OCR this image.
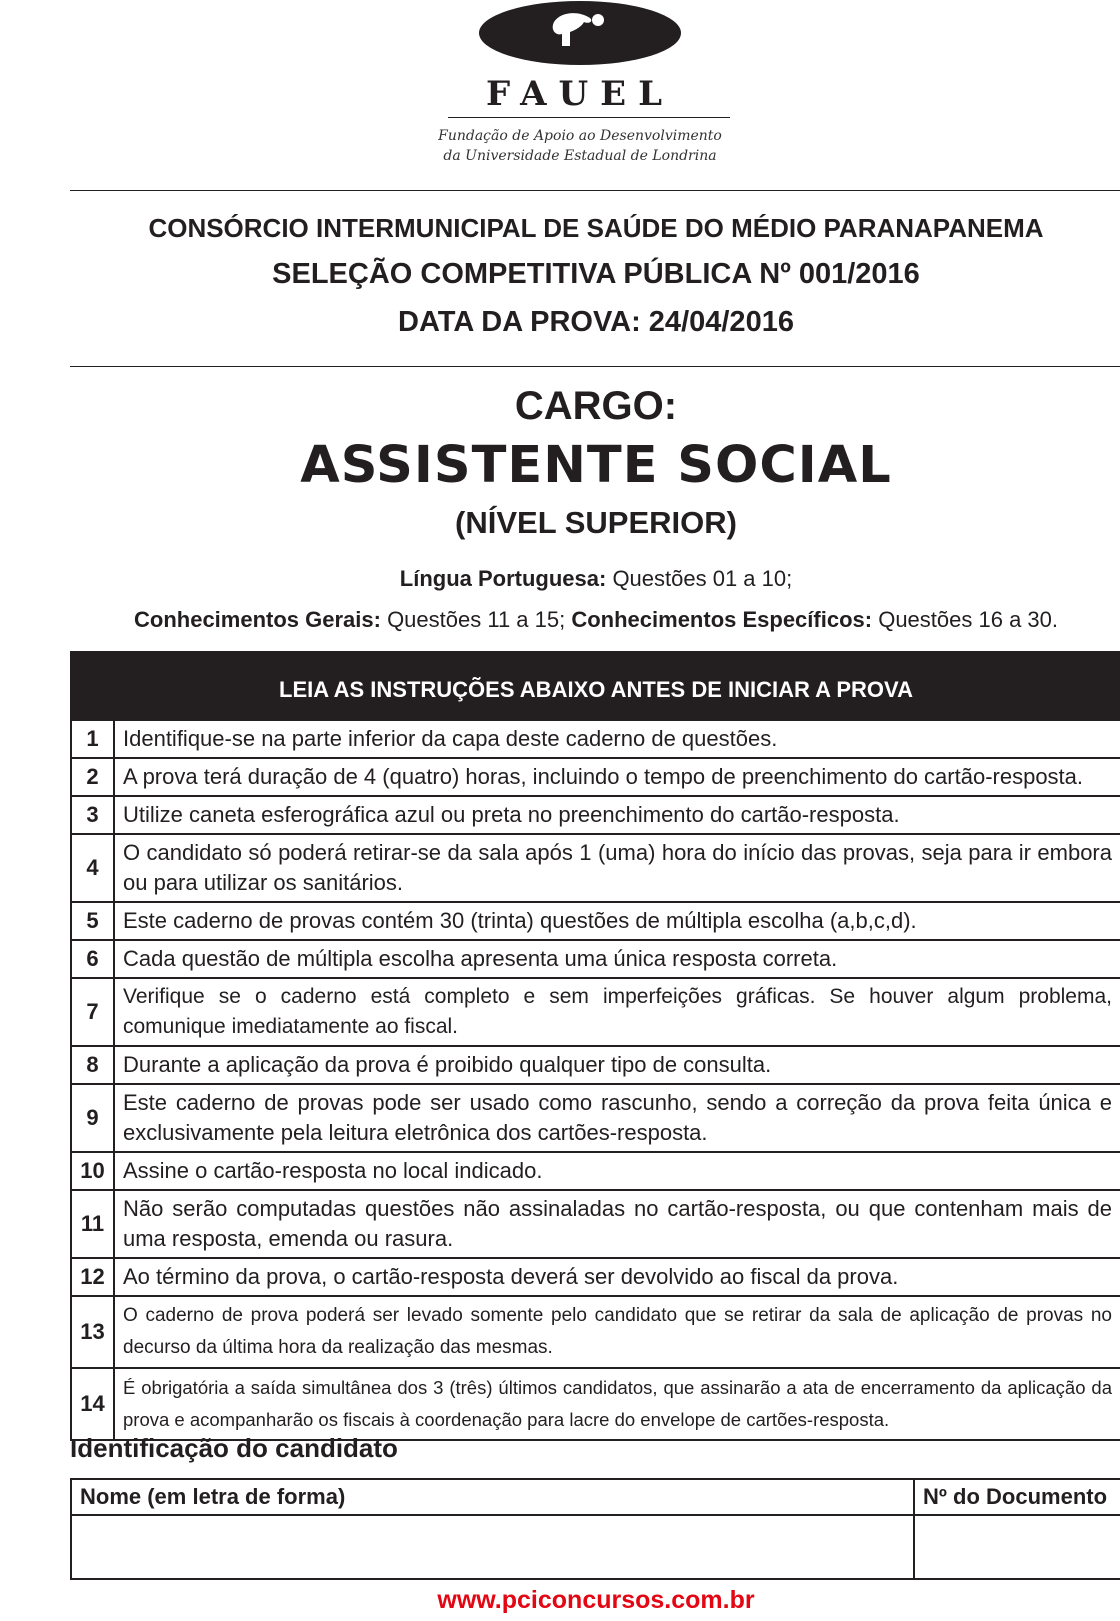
FAUEL
Fundação de Apoio ao Desenvolvimento
da Universidade Estadual de Londrina
CONSÓRCIO INTERMUNICIPAL DE SAÚDE DO MÉDIO PARANAPANEMA
SELEÇÃO COMPETITIVA PÚBLICA Nº 001/2016
DATA DA PROVA: 24/04/2016
CARGO:
ASSISTENTE SOCIAL
(NÍVEL SUPERIOR)
Língua Portuguesa: Questões 01 a 10;
Conhecimentos Gerais: Questões 11 a 15; Conhecimentos Específicos: Questões 16 a 30.
LEIA AS INSTRUÇÕES ABAIXO ANTES DE INICIAR A PROVA	
1	Identifique-se na parte inferior da capa deste caderno de questões.
2	A prova terá duração de 4 (quatro) horas, incluindo o tempo de preenchimento do cartão-resposta.
3	Utilize caneta esferográfica azul ou preta no preenchimento do cartão-resposta.
4	O candidato só poderá retirar-se da sala após 1 (uma) hora do início das provas, seja para ir embora ou para utilizar os sanitários.
5	Este caderno de provas contém 30 (trinta) questões de múltipla escolha (a,b,c,d).
6	Cada questão de múltipla escolha apresenta uma única resposta correta.
7	Verifique se o caderno está completo e sem imperfeições gráficas. Se houver algum problema, comunique imediatamente ao fiscal.
8	Durante a aplicação da prova é proibido qualquer tipo de consulta.
9	Este caderno de provas pode ser usado como rascunho, sendo a correção da prova feita única e exclusivamente pela leitura eletrônica dos cartões-resposta.
10	Assine o cartão-resposta no local indicado.
11	Não serão computadas questões não assinaladas no cartão-resposta, ou que contenham mais de uma resposta, emenda ou rasura.
12	Ao término da prova, o cartão-resposta deverá ser devolvido ao fiscal da prova.
13	O caderno de prova poderá ser levado somente pelo candidato que se retirar da sala de aplicação de provas no decurso da última hora da realização das mesmas.
14	É obrigatória a saída simultânea dos 3 (três) últimos candidatos, que assinarão a ata de encerramento da aplicação da prova e acompanharão os fiscais à coordenação para lacre do envelope de cartões-resposta.
Identificação do candidato
Nome (em letra de forma)	Nº do Documento

www.pciconcursos.com.br
